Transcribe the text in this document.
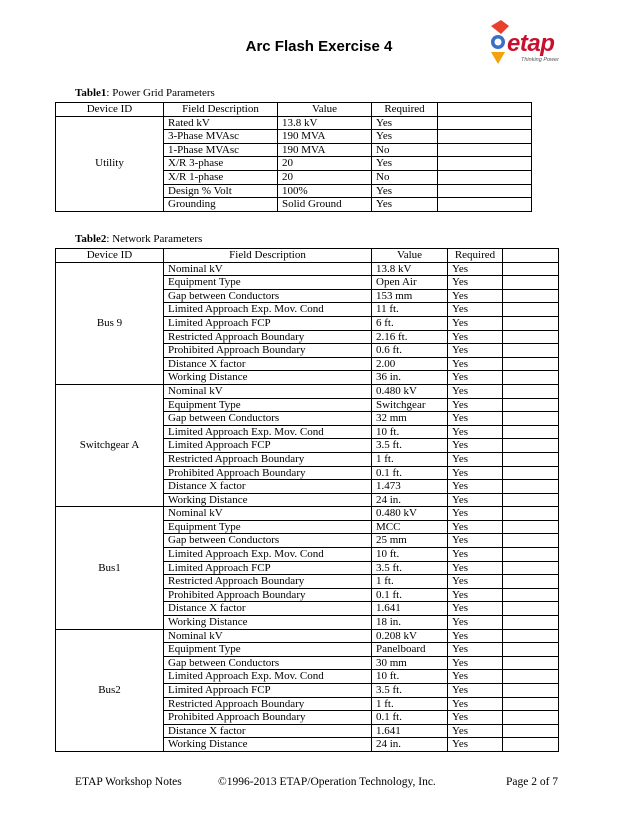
Arc Flash Exercise 4	etap
Thinking Power
Table1: Power Grid Parameters
Device ID	Field Description	Value	Required	
Utility	Rated kV	13.8 kV	Yes	
	3-Phase MVAsc	190 MVA	Yes	
	1-Phase MVAsc	190 MVA	No	
	X/R 3-phase	20	Yes	
	X/R 1-phase	20	No	
	Design % Volt	100%	Yes	
	Grounding	Solid Ground	Yes	
Table2: Network Parameters
Device ID	Field Description	Value	Required	
Bus 9	Nominal kV	13.8 kV	Yes	
	Equipment Type	Open Air	Yes	
	Gap between Conductors	153 mm	Yes	
	Limited Approach Exp. Mov. Cond	11 ft.	Yes	
	Limited Approach FCP	6 ft.	Yes	
	Restricted Approach Boundary	2.16 ft.	Yes	
	Prohibited Approach Boundary	0.6 ft.	Yes	
	Distance X factor	2.00	Yes	
	Working Distance	36 in.	Yes	
Switchgear A	Nominal kV	0.480 kV	Yes	
	Equipment Type	Switchgear	Yes	
	Gap between Conductors	32 mm	Yes	
	Limited Approach Exp. Mov. Cond	10 ft.	Yes	
	Limited Approach FCP	3.5 ft.	Yes	
	Restricted Approach Boundary	1 ft.	Yes	
	Prohibited Approach Boundary	0.1 ft.	Yes	
	Distance X factor	1.473	Yes	
	Working Distance	24 in.	Yes	
Bus1	Nominal kV	0.480 kV	Yes	
	Equipment Type	MCC	Yes	
	Gap between Conductors	25 mm	Yes	
	Limited Approach Exp. Mov. Cond	10 ft.	Yes	
	Limited Approach FCP	3.5 ft.	Yes	
	Restricted Approach Boundary	1 ft.	Yes	
	Prohibited Approach Boundary	0.1 ft.	Yes	
	Distance X factor	1.641	Yes	
	Working Distance	18 in.	Yes	
Bus2	Nominal kV	0.208 kV	Yes	
	Equipment Type	Panelboard	Yes	
	Gap between Conductors	30 mm	Yes	
	Limited Approach Exp. Mov. Cond	10 ft.	Yes	
	Limited Approach FCP	3.5 ft.	Yes	
	Restricted Approach Boundary	1 ft.	Yes	
	Prohibited Approach Boundary	0.1 ft.	Yes	
	Distance X factor	1.641	Yes	
	Working Distance	24 in.	Yes	
ETAP Workshop Notes	©1996-2013 ETAP/Operation Technology, Inc.	Page 2 of 7
